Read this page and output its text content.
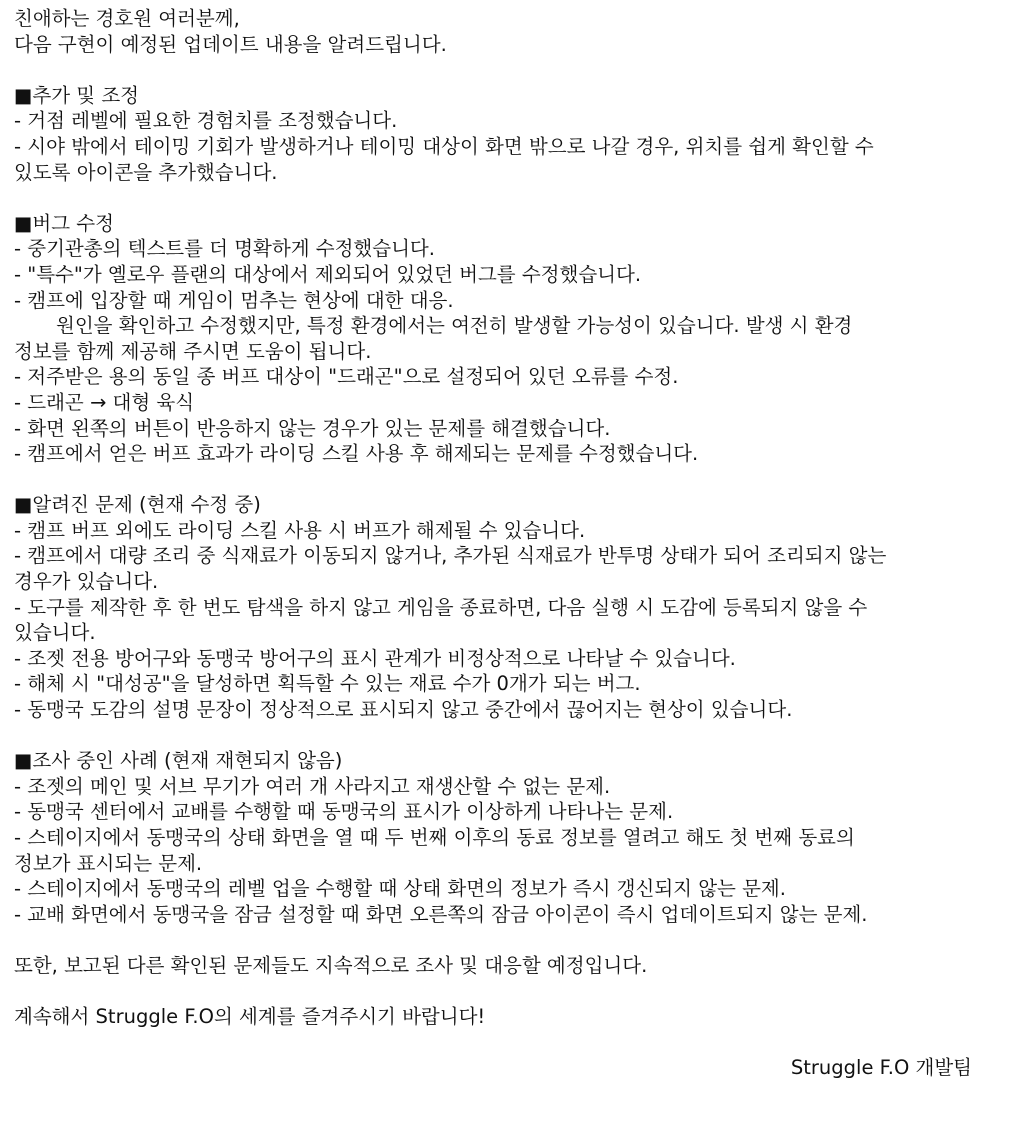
친애하는 경호원 여러분께,
다음 구현이 예정된 업데이트 내용을 알려드립니다.
■추가 및 조정
- 거점 레벨에 필요한 경험치를 조정했습니다.
- 시야 밖에서 테이밍 기회가 발생하거나 테이밍 대상이 화면 밖으로 나갈 경우, 위치를 쉽게 확인할 수
있도록 아이콘을 추가했습니다.
■버그 수정
- 중기관총의 텍스트를 더 명확하게 수정했습니다.
- "특수"가 옐로우 플랜의 대상에서 제외되어 있었던 버그를 수정했습니다.
- 캠프에 입장할 때 게임이 멈추는 현상에 대한 대응.
원인을 확인하고 수정했지만, 특정 환경에서는 여전히 발생할 가능성이 있습니다. 발생 시 환경
정보를 함께 제공해 주시면 도움이 됩니다.
- 저주받은 용의 동일 종 버프 대상이 "드래곤"으로 설정되어 있던 오류를 수정.
- 드래곤 → 대형 육식
- 화면 왼쪽의 버튼이 반응하지 않는 경우가 있는 문제를 해결했습니다.
- 캠프에서 얻은 버프 효과가 라이딩 스킬 사용 후 해제되는 문제를 수정했습니다.
■알려진 문제 (현재 수정 중)
- 캠프 버프 외에도 라이딩 스킬 사용 시 버프가 해제될 수 있습니다.
- 캠프에서 대량 조리 중 식재료가 이동되지 않거나, 추가된 식재료가 반투명 상태가 되어 조리되지 않는
경우가 있습니다.
- 도구를 제작한 후 한 번도 탐색을 하지 않고 게임을 종료하면, 다음 실행 시 도감에 등록되지 않을 수
있습니다.
- 조젯 전용 방어구와 동맹국 방어구의 표시 관계가 비정상적으로 나타날 수 있습니다.
- 해체 시 "대성공"을 달성하면 획득할 수 있는 재료 수가 0개가 되는 버그.
- 동맹국 도감의 설명 문장이 정상적으로 표시되지 않고 중간에서 끊어지는 현상이 있습니다.
■조사 중인 사례 (현재 재현되지 않음)
- 조젯의 메인 및 서브 무기가 여러 개 사라지고 재생산할 수 없는 문제.
- 동맹국 센터에서 교배를 수행할 때 동맹국의 표시가 이상하게 나타나는 문제.
- 스테이지에서 동맹국의 상태 화면을 열 때 두 번째 이후의 동료 정보를 열려고 해도 첫 번째 동료의
정보가 표시되는 문제.
- 스테이지에서 동맹국의 레벨 업을 수행할 때 상태 화면의 정보가 즉시 갱신되지 않는 문제.
- 교배 화면에서 동맹국을 잠금 설정할 때 화면 오른쪽의 잠금 아이콘이 즉시 업데이트되지 않는 문제.
또한, 보고된 다른 확인된 문제들도 지속적으로 조사 및 대응할 예정입니다.
계속해서 Struggle F.O의 세계를 즐겨주시기 바랍니다!
Struggle F.O 개발팀
